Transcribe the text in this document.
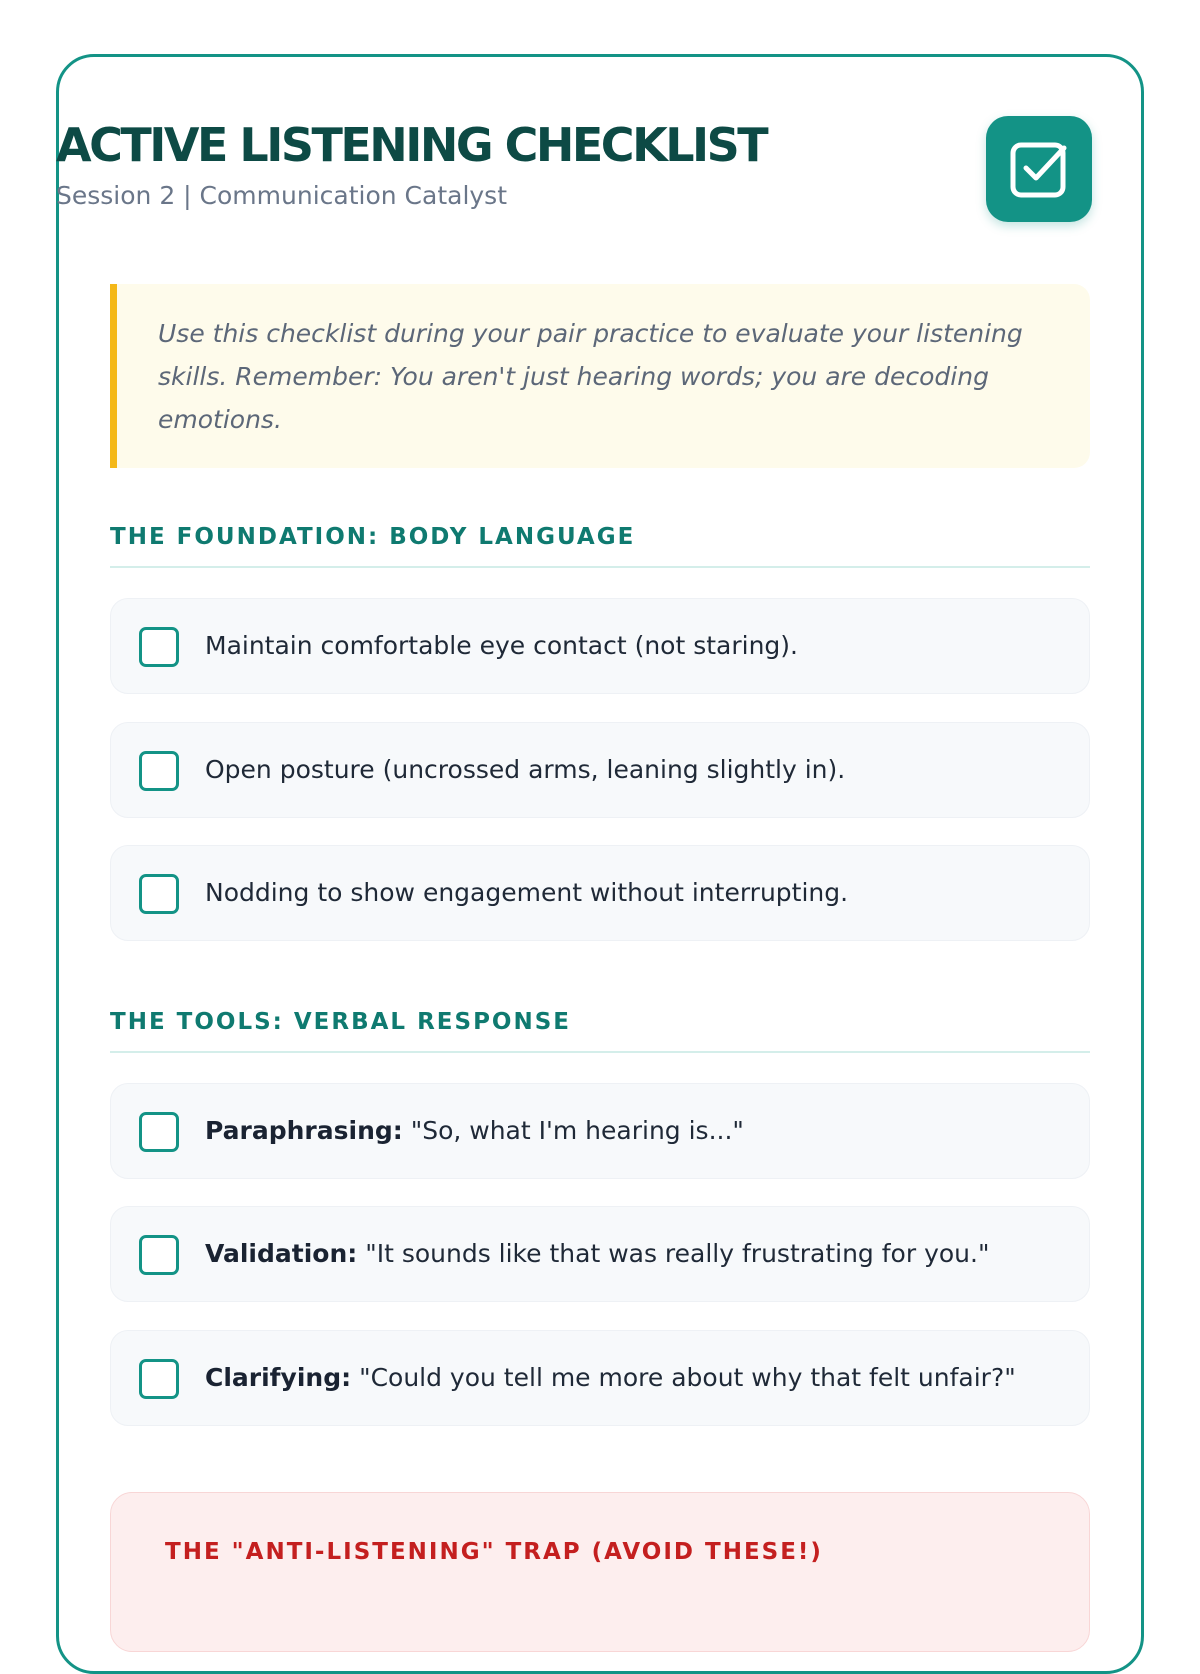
ACTIVE LISTENING CHECKLIST
Session 2 | Communication Catalyst

Use this checklist during your pair practice to evaluate your listening skills. Remember: You aren't just hearing words; you are decoding emotions.

THE FOUNDATION: BODY LANGUAGE
Maintain comfortable eye contact (not staring).
Open posture (uncrossed arms, leaning slightly in).
Nodding to show engagement without interrupting.
THE TOOLS: VERBAL RESPONSE
Paraphrasing: "So, what I'm hearing is..."
Validation: "It sounds like that was really frustrating for you."
Clarifying: "Could you tell me more about why that felt unfair?"
THE "ANTI-LISTENING" TRAP (AVOID THESE!)
